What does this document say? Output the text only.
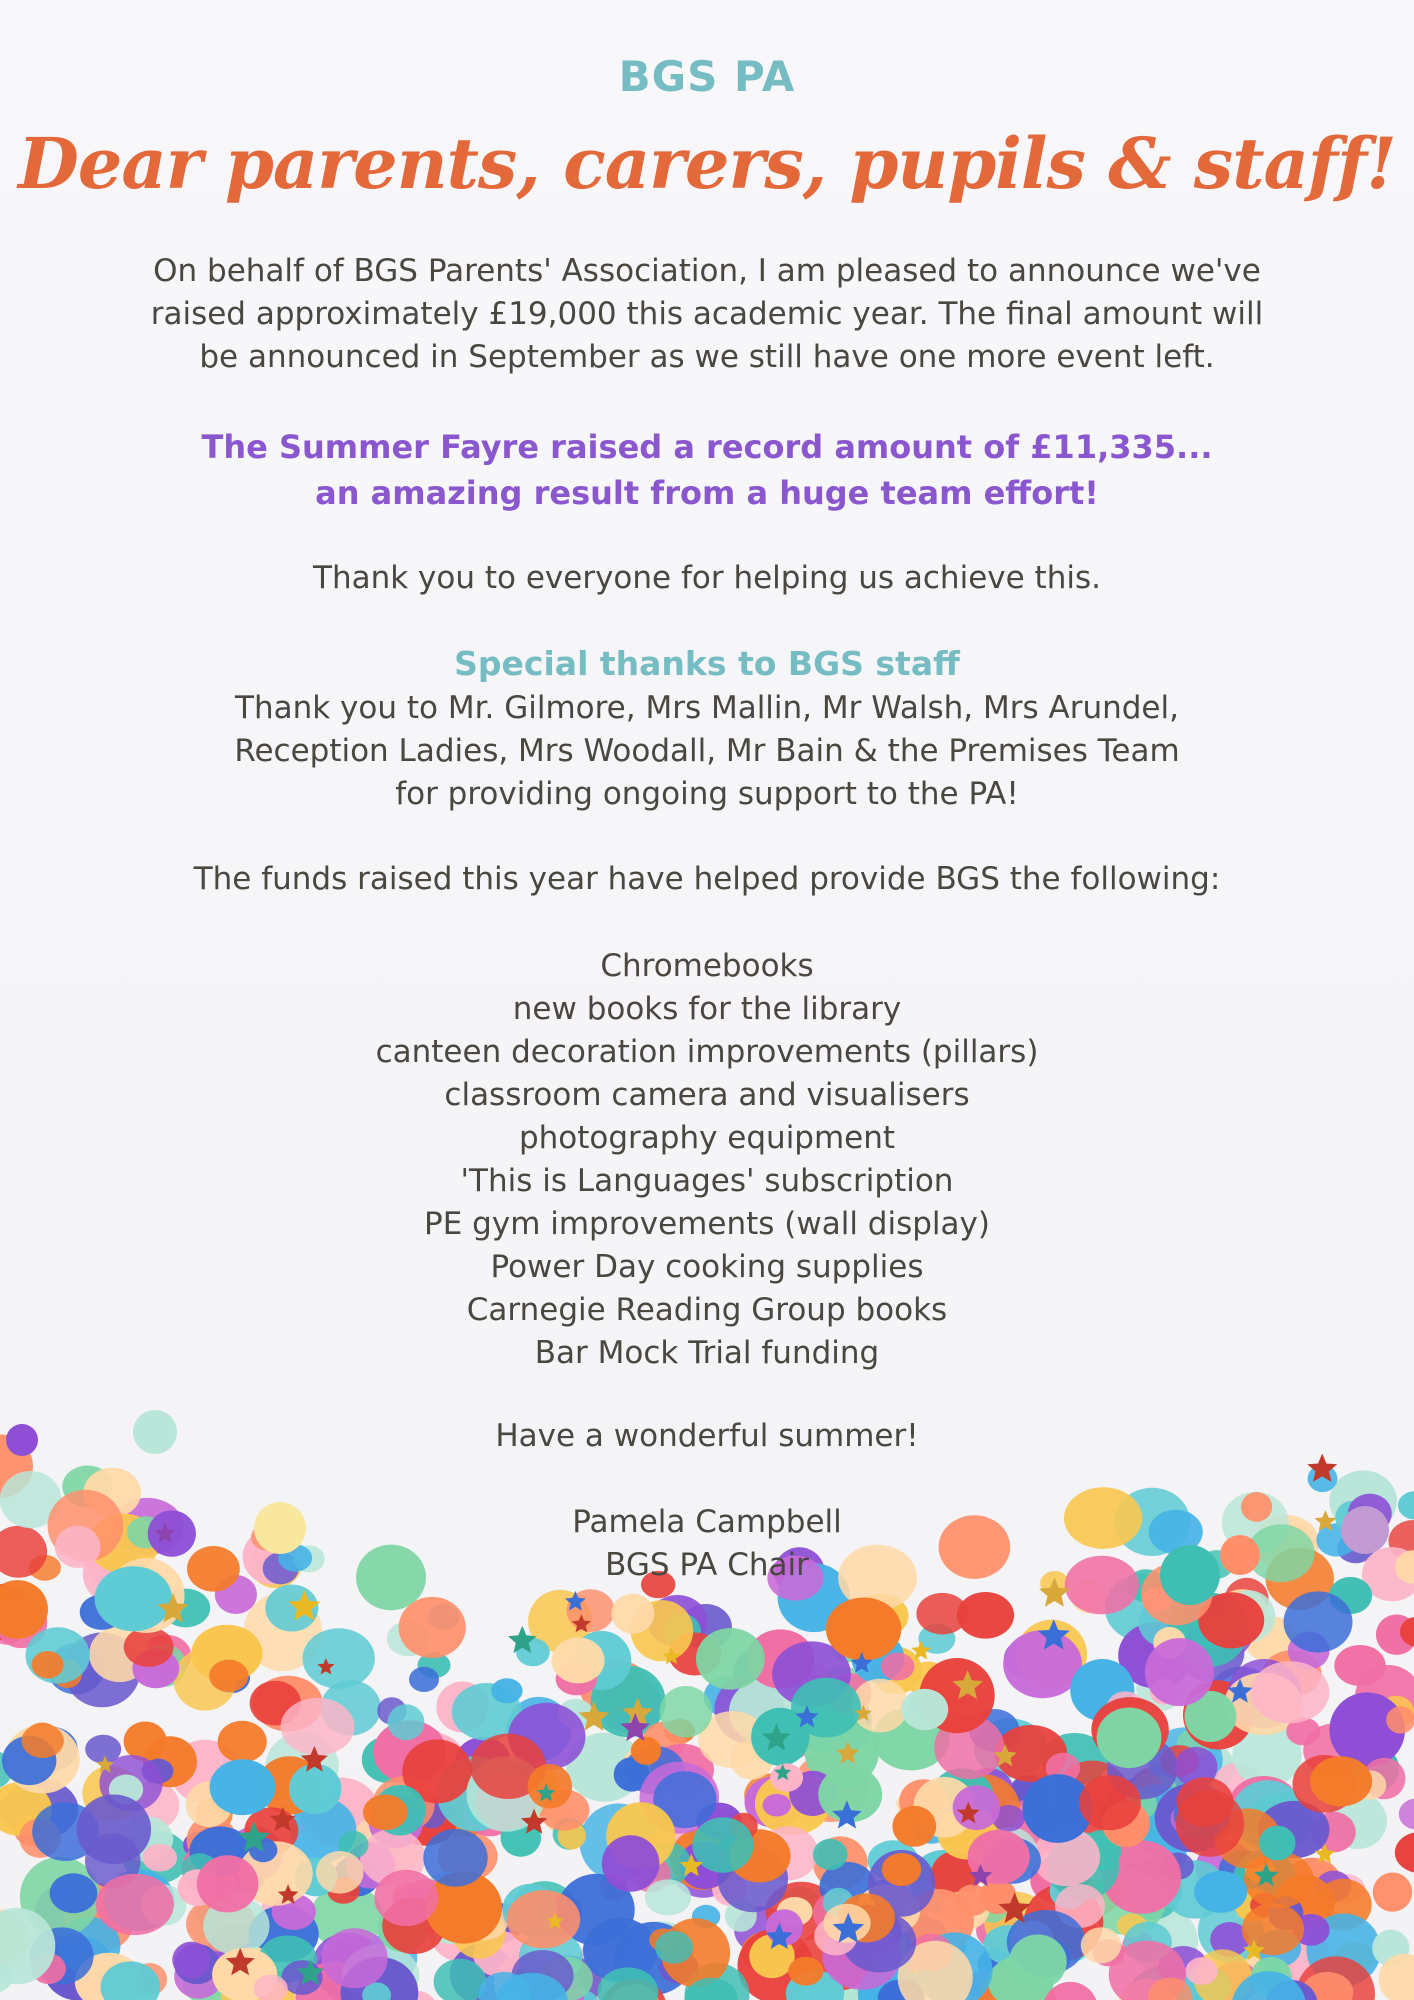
BGS PA
Dear parents, carers, pupils & staff!
On behalf of BGS Parents' Association, I am pleased to announce we've
raised approximately £19,000 this academic year. The final amount will
be announced in September as we still have one more event left.
The Summer Fayre raised a record amount of £11,335...
an amazing result from a huge team effort!
Thank you to everyone for helping us achieve this.
Special thanks to BGS staff
Thank you to Mr. Gilmore, Mrs Mallin, Mr Walsh, Mrs Arundel,
Reception Ladies, Mrs Woodall, Mr Bain & the Premises Team
for providing ongoing support to the PA!
The funds raised this year have helped provide BGS the following:
Chromebooks
new books for the library
canteen decoration improvements (pillars)
classroom camera and visualisers
photography equipment
'This is Languages' subscription
PE gym improvements (wall display)
Power Day cooking supplies
Carnegie Reading Group books
Bar Mock Trial funding
Have a wonderful summer!
Pamela Campbell
BGS PA Chair
